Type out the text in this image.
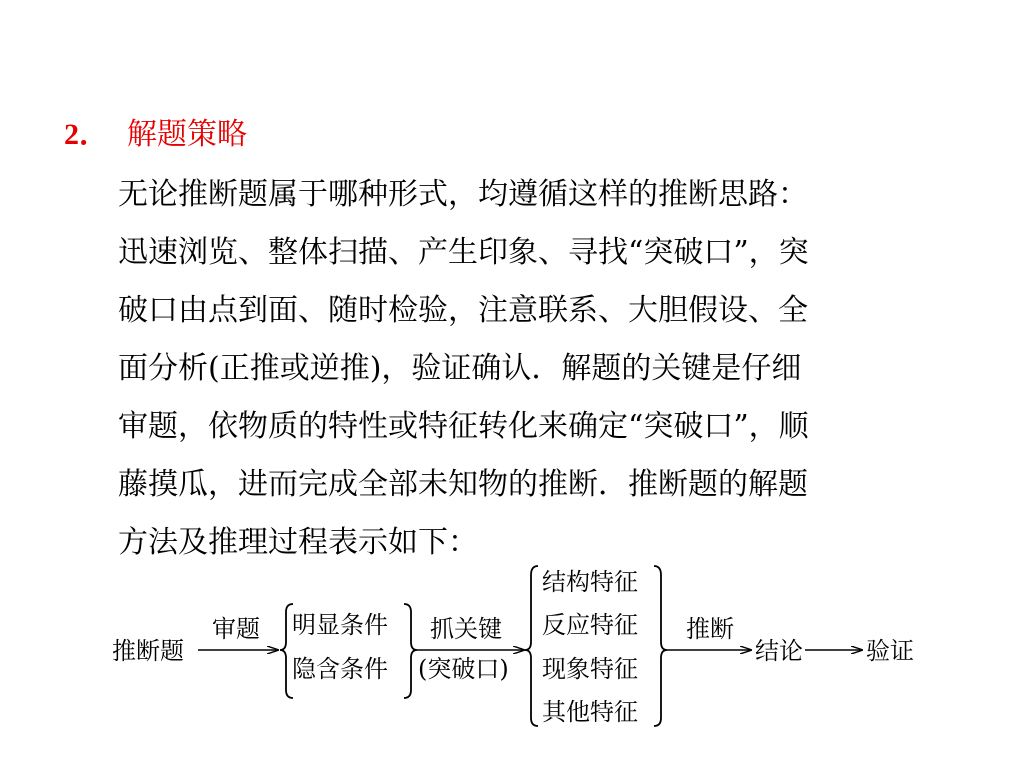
2． 解题策略
无论推断题属于哪种形式，均遵循这样的推断思路：
迅速浏览、整体扫描、产生印象、寻找“突破口”，突
破口由点到面、随时检验，注意联系、大胆假设、全
面分析(正推或逆推)，验证确认．解题的关键是仔细
审题，依物质的特性或特征转化来确定“突破口”，顺
藤摸瓜，进而完成全部未知物的推断．推断题的解题
方法及推理过程表示如下：
推断题
审题 明显条件
隐含条件
抓关键
(突破口)
结构特征
反应特征
现象特征
其他特征
推断
结论	验证
